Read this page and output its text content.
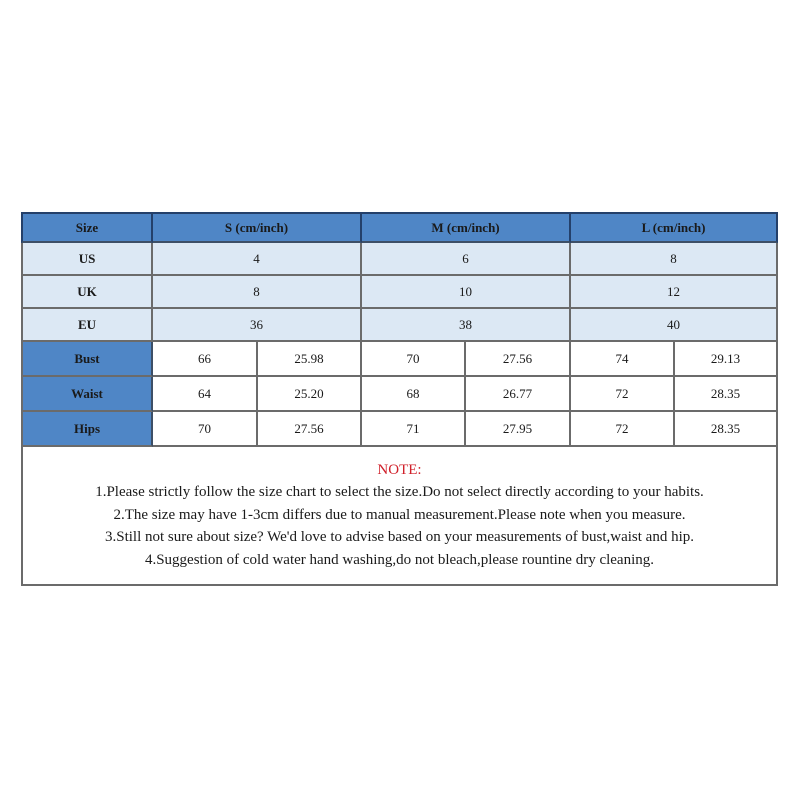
Size	S (cm/inch)		M (cm/inch)		L (cm/inch)	
US	4		6		8	
UK	8		10		12	
EU	36		38		40	
Bust	66	25.98	70	27.56	74	29.13
Waist	64	25.20	68	26.77	72	28.35
Hips	70	27.56	71	27.95	72	28.35
NOTE:
1.Please strictly follow the size chart to select the size.Do not select directly according to your habits.
2.The size may have 1-3cm differs due to manual measurement.Please note when you measure.
3.Still not sure about size? We'd love to advise based on your measurements of bust,waist and hip.
4.Suggestion of cold water hand washing,do not bleach,please rountine dry cleaning.
